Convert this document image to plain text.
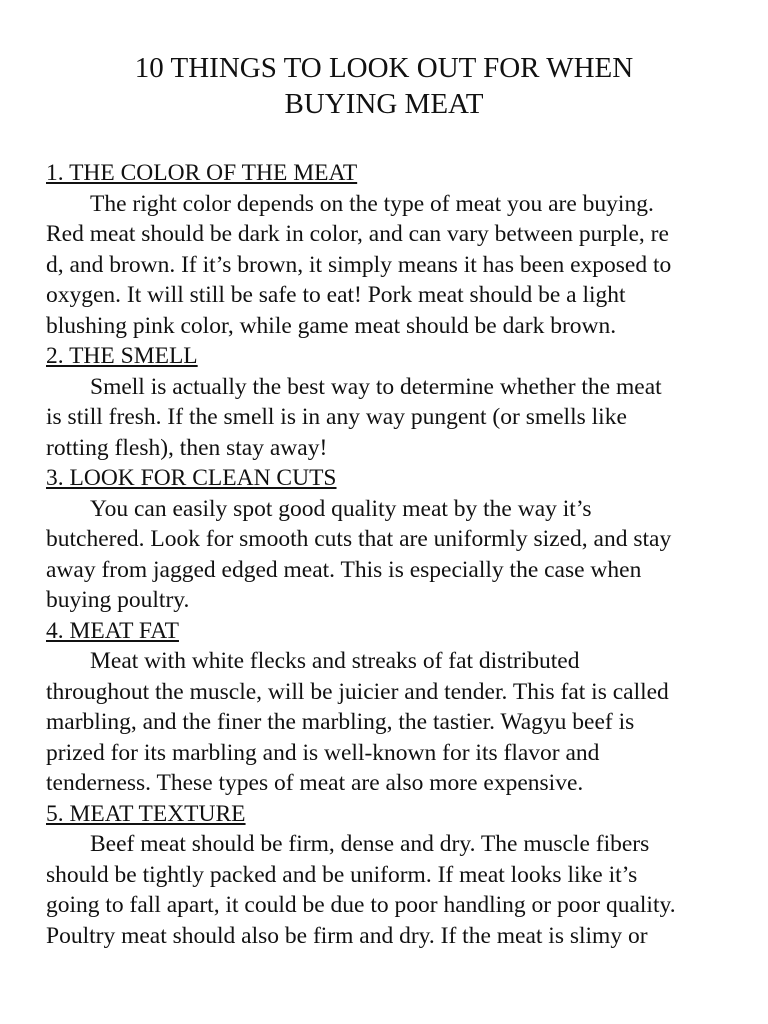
10 THINGS TO LOOK OUT FOR WHEN
BUYING MEAT
1. THE COLOR OF THE MEAT
The right color depends on the type of meat you are buying.
Red meat should be dark in color, and can vary between purple, re
d, and brown. If it’s brown, it simply means it has been exposed to
oxygen. It will still be safe to eat! Pork meat should be a light
blushing pink color, while game meat should be dark brown.
2. THE SMELL
Smell is actually the best way to determine whether the meat
is still fresh. If the smell is in any way pungent (or smells like
rotting flesh), then stay away!
3. LOOK FOR CLEAN CUTS
You can easily spot good quality meat by the way it’s
butchered. Look for smooth cuts that are uniformly sized, and stay
away from jagged edged meat. This is especially the case when
buying poultry.
4. MEAT FAT
Meat with white flecks and streaks of fat distributed
throughout the muscle, will be juicier and tender. This fat is called
marbling, and the finer the marbling, the tastier. Wagyu beef is
prized for its marbling and is well-known for its flavor and
tenderness. These types of meat are also more expensive.
5. MEAT TEXTURE
Beef meat should be firm, dense and dry. The muscle fibers
should be tightly packed and be uniform. If meat looks like it’s
going to fall apart, it could be due to poor handling or poor quality.
Poultry meat should also be firm and dry. If the meat is slimy or
